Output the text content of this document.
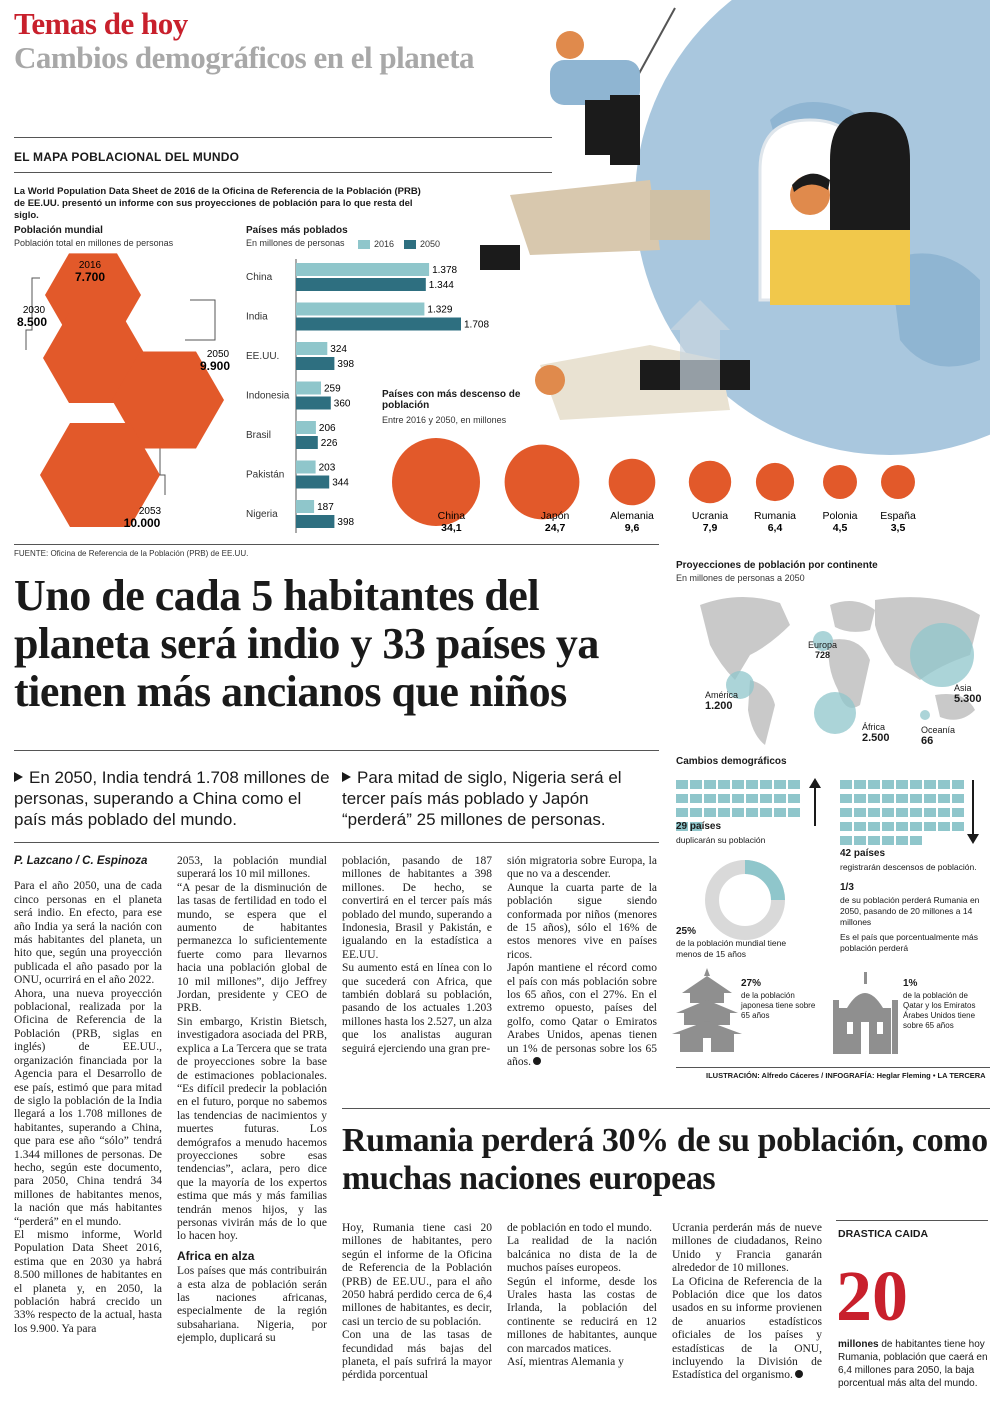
Temas de hoy
Cambios demográficos en el planeta
EL MAPA POBLACIONAL DEL MUNDO
La World Population Data Sheet de 2016 de la Oficina de Referencia de la Población (PRB) de EE.UU. presentó un informe con sus proyecciones de población para lo que resta del siglo.
Población mundial
Población total en millones de personas
2016
7.700
2030
8.500
2050
9.900
2053
10.000
Países más poblados
En millones de personas	2016	2050
China
1.378
1.344
India
1.329
1.708
EE.UU.
324
398
Indonesia
259
360
Brasil
206
226
Pakistán
203
344
Nigeria
187
398
Países con más descenso de población
Entre 2016 y 2050, en millones
China
34,1
Japón
24,7
Alemania
9,6
Ucrania
7,9
Rumania
6,4
Polonia
4,5
España
3,5
FUENTE: Oficina de Referencia de la Población (PRB) de EE.UU.
Uno de cada 5 habitantes del planeta será indio y 33 países ya tienen más ancianos que niños
Proyecciones de población por continente
En millones de personas a 2050
Europa
728
Asia
5.300
América
1.200
África
2.500
Oceanía
66
En 2050, India tendrá 1.708 millones de personas, superando a China como el país más poblado del mundo.
Para mitad de siglo, Nigeria será el tercer país más poblado y Japón “perderá” 25 millones de personas.
P. Lazcano / C. Espinoza
Para el año 2050, una de cada cinco personas en el planeta será indio. En efecto, para ese año India ya será la nación con más habitantes del planeta, un hito que, según una proyección publicada el año pasado por la ONU, ocurrirá en el año 2022.
Ahora, una nueva proyección poblacional, realizada por la Oficina de Referencia de la Población (PRB, siglas en inglés) de EE.UU., organización financiada por la Agencia para el Desarrollo de ese país, estimó que para mitad de siglo la población de la India llegará a los 1.708 millones de habitantes, superando a China, que para ese año “sólo” tendrá 1.344 millones de personas. De hecho, según este documento, para 2050, China tendrá 34 millones de habitantes menos, la nación que más habitantes “perderá” en el mundo.
El mismo informe, World Population Data Sheet 2016, estima que en 2030 ya habrá 8.500 millones de habitantes en el planeta y, en 2050, la población habrá crecido un 33% respecto de la actual, hasta los 9.900. Ya para
2053, la población mundial superará los 10 mil millones.
“A pesar de la disminución de las tasas de fertilidad en todo el mundo, se espera que el aumento de habitantes permanezca lo suficientemente fuerte como para llevarnos hacia una población global de 10 mil millones”, dijo Jeffrey Jordan, presidente y CEO de PRB.
Sin embargo, Kristin Bietsch, investigadora asociada del PRB, explica a La Tercera que se trata de proyecciones sobre la base de estimaciones poblacionales. “Es difícil predecir la población en el futuro, porque no sabemos las tendencias de nacimientos y muertes futuras. Los demógrafos a menudo hacemos proyecciones sobre esas tendencias”, aclara, pero dice que la mayoría de los expertos estima que más y más familias tendrán menos hijos, y las personas vivirán más de lo que lo hacen hoy.
Africa en alza
Los países que más contribuirán a esta alza de población serán las naciones africanas, especialmente de la región subsahariana. Nigeria, por ejemplo, duplicará su
población, pasando de 187 millones de habitantes a 398 millones. De hecho, se convertirá en el tercer país más poblado del mundo, superando a Indonesia, Brasil y Pakistán, e igualando en la estadística a EE.UU.
Su aumento está en línea con lo que sucederá con Africa, que también doblará su población, pasando de los actuales 1.203 millones hasta los 2.527, un alza que los analistas auguran seguirá ejerciendo una gran pre-
sión migratoria sobre Europa, la que no va a descender.
Aunque la cuarta parte de la población sigue siendo conformada por niños (menores de 15 años), sólo el 16% de estos menores vive en países ricos.
Japón mantiene el récord como el país con más población sobre los 65 años, con el 27%. En el extremo opuesto, países del golfo, como Qatar o Emiratos Arabes Unidos, apenas tienen un 1% de personas sobre los 65 años.
Cambios demográficos
29 países
duplicarán su población
42 países
registrarán descensos de población.
25%
de la población mundial tiene menos de 15 años
1/3
de su población perderá Rumania en 2050, pasando de 20 millones a 14 millones
Es el país que porcentualmente más población perderá
27%
de la población japonesa tiene sobre 65 años
1%
de la población de Qatar y los Emiratos Árabes Unidos tiene sobre 65 años
ILUSTRACIÓN: Alfredo Cáceres / INFOGRAFÍA: Heglar Fleming • LA TERCERA
Rumania perderá 30% de su población, como muchas naciones europeas
Hoy, Rumania tiene casi 20 millones de habitantes, pero según el informe de la Oficina de Referencia de la Población (PRB) de EE.UU., para el año 2050 habrá perdido cerca de 6,4 millones de habitantes, es decir, casi un tercio de su población.
Con una de las tasas de fecundidad más bajas del planeta, el país sufrirá la mayor pérdida porcentual
de población en todo el mundo.
La realidad de la nación balcánica no dista de la de muchos países europeos.
Según el informe, desde los Urales hasta las costas de Irlanda, la población del continente se reducirá en 12 millones de habitantes, aunque con marcados matices.
Así, mientras Alemania y
Ucrania perderán más de nueve millones de ciudadanos, Reino Unido y Francia ganarán alrededor de 10 millones.
La Oficina de Referencia de la Población dice que los datos usados en su informe provienen de anuarios estadísticos oficiales de los países y estadísticas de la ONU, incluyendo la División de Estadística del organismo.
DRASTICA CAIDA
20
millones de habitantes tiene hoy Rumania, población que caerá en 6,4 millones para 2050, la baja porcentual más alta del mundo.
